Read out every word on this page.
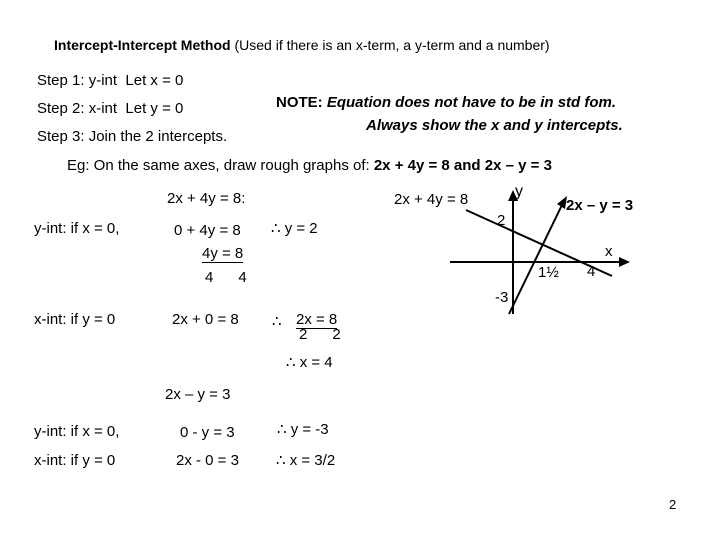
Intercept-Intercept Method (Used if there is an x-term, a y-term and a number)
Step 1: y-int Let x = 0
Step 2: x-int Let y = 0
Step 3: Join the 2 intercepts.
NOTE: Equation does not have to be in std fom.
Always show the x and y intercepts.
Eg: On the same axes, draw rough graphs of: 2x + 4y = 8 and 2x – y = 3
2x + 4y = 8:
y-int: if x = 0,	0 + 4y = 8 ∴ y = 2
4y = 8
4      4
x-int: if y = 0	2x + 0 = 8 ∴ 2x = 8
2      2
∴ x = 4
2x – y = 3
y-int: if x = 0,	0 - y = 3	∴ y = -3
x-int: if y = 0	2x - 0 = 3 ∴ x = 3/2
2x + 4y = 8	y
2x – y = 3
2
x
1½ 4
-3
2
